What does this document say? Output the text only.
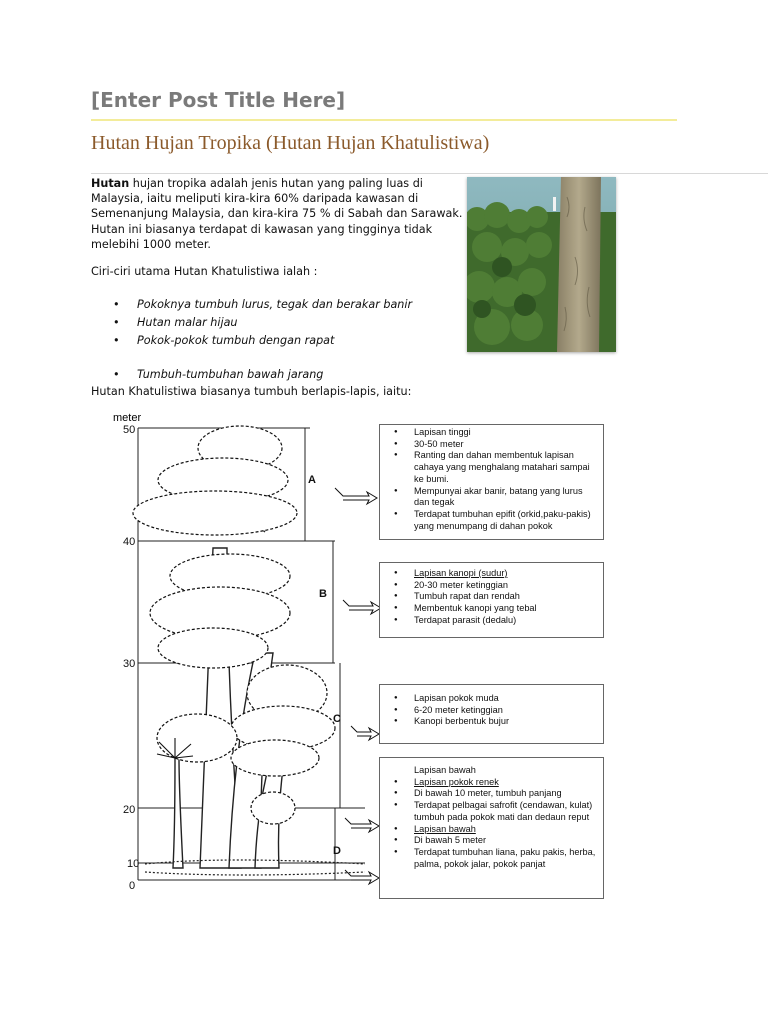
[Enter Post Title Here]
Hutan Hujan Tropika (Hutan Hujan Khatulistiwa)
Hutan hujan tropika adalah jenis hutan yang paling luas di
Malaysia, iaitu meliputi kira-kira 60% daripada kawasan di
Semenanjung Malaysia, dan kira-kira 75 % di Sabah dan Sarawak.
Hutan ini biasanya terdapat di kawasan yang tingginya tidak
melebihi 1000 meter.
Ciri-ciri utama Hutan Khatulistiwa ialah :
• Pokoknya tumbuh lurus, tegak dan berakar banir
• Hutan malar hijau
• Pokok-pokok tumbuh dengan rapat
• Tumbuh-tumbuhan bawah jarang
Hutan Khatulistiwa biasanya tumbuh berlapis-lapis, iaitu:
meter
50
40
30
20
10
0
A
B
C
D
● Lapisan tinggi
● 30-50 meter
● Ranting dan dahan membentuk lapisan cahaya yang menghalang matahari sampai ke bumi.
● Mempunyai akar banir, batang yang lurus dan tegak
● Terdapat tumbuhan epifit (orkid,paku-pakis) yang menumpang di dahan pokok
● Lapisan kanopi (sudur)
● 20-30 meter ketinggian
● Tumbuh rapat dan rendah
● Membentuk kanopi yang tebal
● Terdapat parasit (dedalu)
● Lapisan pokok muda
● 6-20 meter ketinggian
● Kanopi berbentuk bujur
Lapisan bawah
● Lapisan pokok renek
● Di bawah 10 meter, tumbuh panjang
● Terdapat pelbagai safrofit (cendawan, kulat) tumbuh pada pokok mati dan dedaun reput
● Lapisan bawah
● Di bawah 5 meter
● Terdapat tumbuhan liana, paku pakis, herba, palma, pokok jalar, pokok panjat
